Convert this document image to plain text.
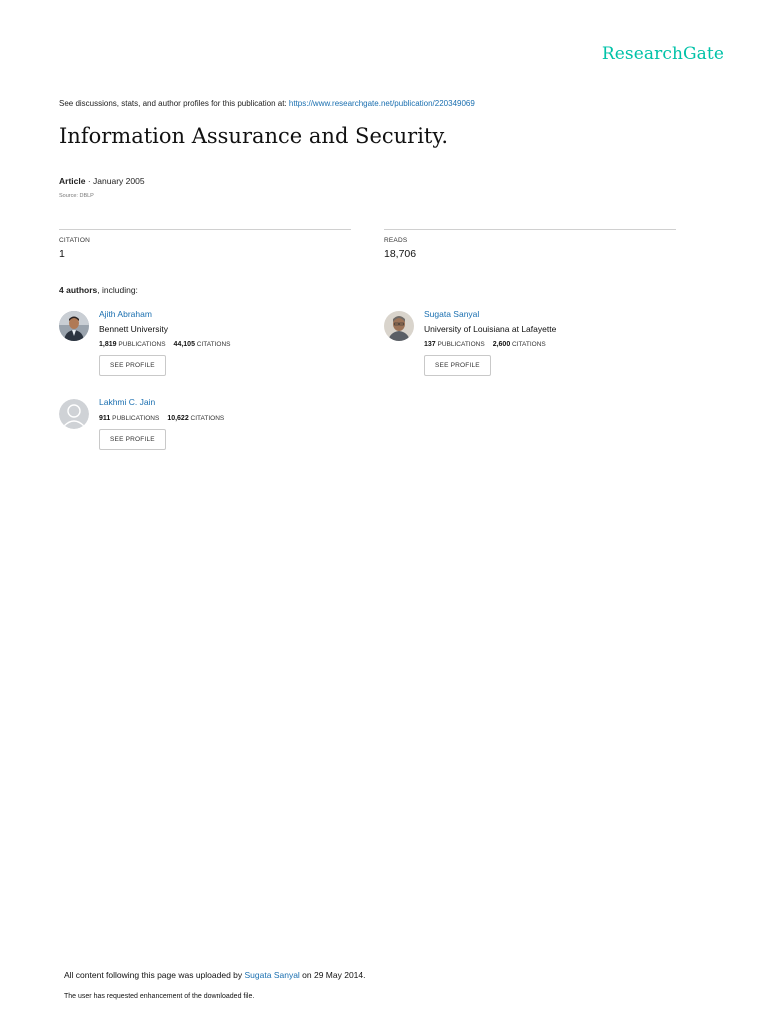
ResearchGate
See discussions, stats, and author profiles for this publication at: https://www.researchgate.net/publication/220349069
Information Assurance and Security.
Article · January 2005
Source: DBLP
CITATION
1
READS
18,706
4 authors, including:
Ajith Abraham
Bennett University
1,819 PUBLICATIONS 44,105 CITATIONS
SEE PROFILE
Sugata Sanyal
University of Louisiana at Lafayette
137 PUBLICATIONS 2,600 CITATIONS
SEE PROFILE
Lakhmi C. Jain
911 PUBLICATIONS 10,622 CITATIONS
SEE PROFILE
All content following this page was uploaded by Sugata Sanyal on 29 May 2014.
The user has requested enhancement of the downloaded file.
